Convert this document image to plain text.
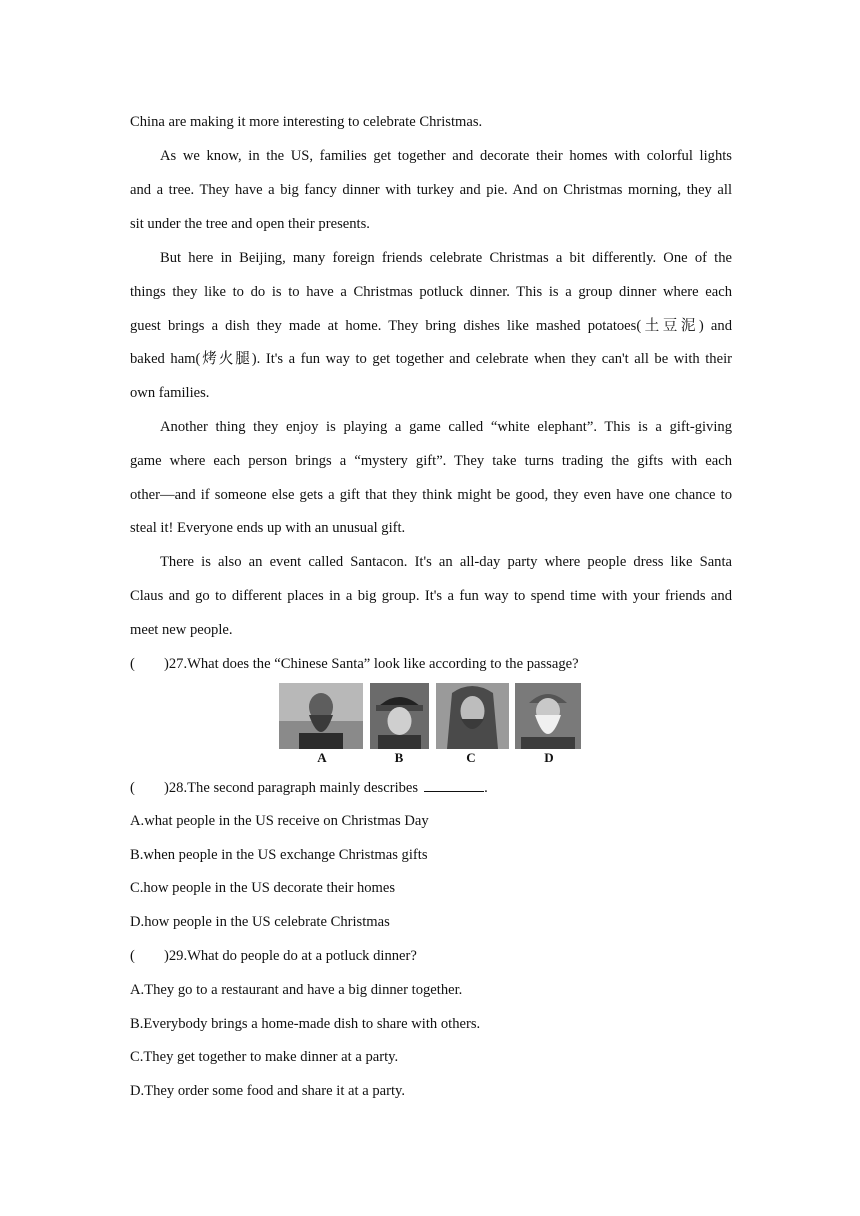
China are making it more interesting to celebrate Christmas.
As we know, in the US, families get together and decorate their homes with colorful lights
and a tree. They have a big fancy dinner with turkey and pie. And on Christmas morning, they all
sit under the tree and open their presents.
But here in Beijing, many foreign friends celebrate Christmas a bit differently. One of the
things they like to do is to have a Christmas potluck dinner. This is a group dinner where each
guest brings a dish they made at home. They bring dishes like mashed potatoes(土豆泥) and
baked ham(烤火腿). It's a fun way to get together and celebrate when they can't all be with their
own families.
Another thing they enjoy is playing a game called “white elephant”. This is a gift-giving
game where each person brings a “mystery gift”. They take turns trading the gifts with each
other—and if someone else gets a gift that they think might be good, they even have one chance to
steal it! Everyone ends up with an unusual gift.
There is also an event called Santacon. It's an all-day party where people dress like Santa
Claus and go to different places in a big group. It's a fun way to spend time with your friends and
meet new people.
( )27.What does the “Chinese Santa” look like according to the passage?
A	B	C	D
( )28.The second paragraph mainly describes	.
A.what people in the US receive on Christmas Day
B.when people in the US exchange Christmas gifts
C.how people in the US decorate their homes
D.how people in the US celebrate Christmas
( )29.What do people do at a potluck dinner?
A.They go to a restaurant and have a big dinner together.
B.Everybody brings a home-made dish to share with others.
C.They get together to make dinner at a party.
D.They order some food and share it at a party.
